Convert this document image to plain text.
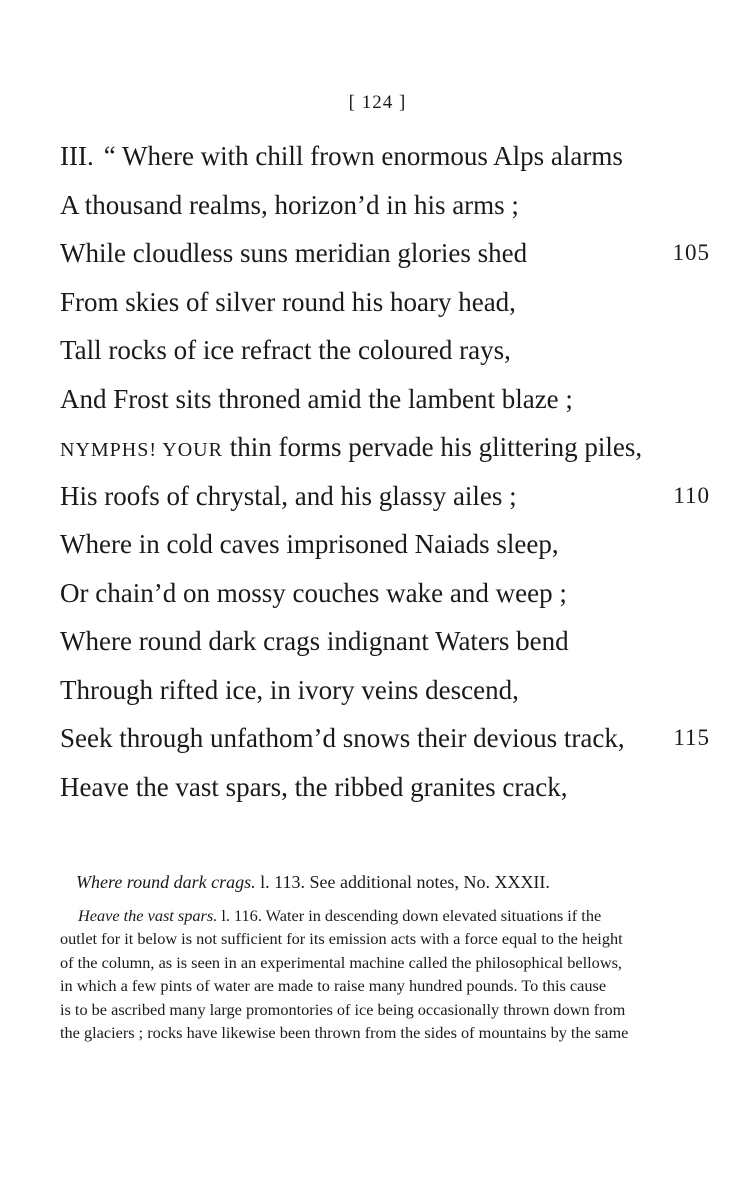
[ 124 ]
III. “ Where with chill frown enormous Alps alarms
A thousand realms, horizon’d in his arms ;
While cloudless suns meridian glories shed	105
From skies of silver round his hoary head,
Tall rocks of ice refract the coloured rays,
And Frost sits throned amid the lambent blaze ;
NYMPHS! YOUR thin forms pervade his glittering piles,
His roofs of chrystal, and his glassy ailes ;	110
Where in cold caves imprisoned Naiads sleep,
Or chain’d on mossy couches wake and weep ;
Where round dark crags indignant Waters bend
Through rifted ice, in ivory veins descend,
Seek through unfathom’d snows their devious track, 115
Heave the vast spars, the ribbed granites crack,
Where round dark crags. l. 113. See additional notes, No. XXXII.
Heave the vast spars. l. 116. Water in descending down elevated situations if the
outlet for it below is not sufficient for its emission acts with a force equal to the height
of the column, as is seen in an experimental machine called the philosophical bellows,
in which a few pints of water are made to raise many hundred pounds. To this cause
is to be ascribed many large promontories of ice being occasionally thrown down from
the glaciers ; rocks have likewise been thrown from the sides of mountains by the same
